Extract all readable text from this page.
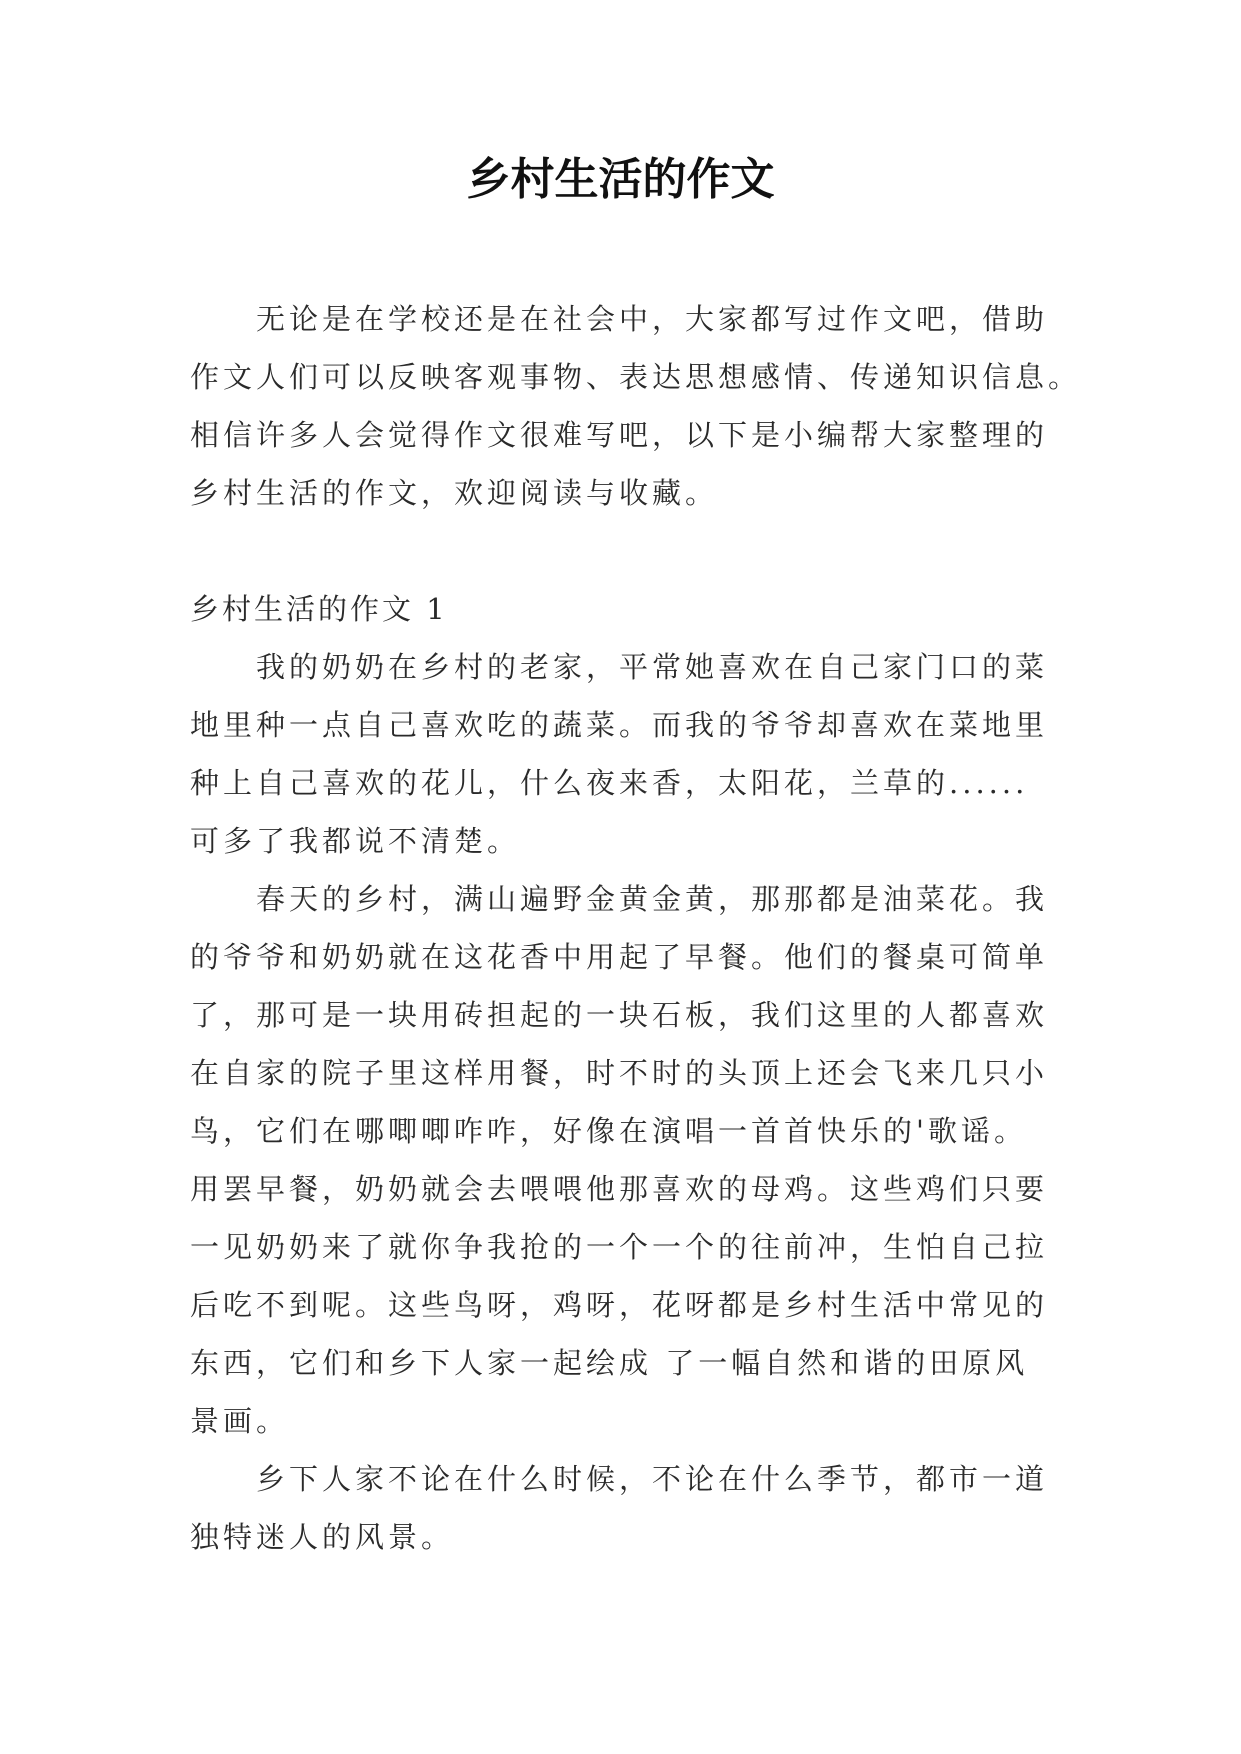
乡村生活的作文

无论是在学校还是在社会中，大家都写过作文吧，借助
作文人们可以反映客观事物、表达思想感情、传递知识信息。
相信许多人会觉得作文很难写吧，以下是小编帮大家整理的
乡村生活的作文，欢迎阅读与收藏。

乡村生活的作文 1

我的奶奶在乡村的老家，平常她喜欢在自己家门口的菜
地里种一点自己喜欢吃的蔬菜。而我的爷爷却喜欢在菜地里
种上自己喜欢的花儿，什么夜来香，太阳花，兰草的......
可多了我都说不清楚。

春天的乡村，满山遍野金黄金黄，那那都是油菜花。我
的爷爷和奶奶就在这花香中用起了早餐。他们的餐桌可简单
了，那可是一块用砖担起的一块石板，我们这里的人都喜欢
在自家的院子里这样用餐，时不时的头顶上还会飞来几只小
鸟，它们在哪唧唧咋咋，好像在演唱一首首快乐的'歌谣。
用罢早餐，奶奶就会去喂喂他那喜欢的母鸡。这些鸡们只要
一见奶奶来了就你争我抢的一个一个的往前冲，生怕自己拉
后吃不到呢。这些鸟呀，鸡呀，花呀都是乡村生活中常见的
东西，它们和乡下人家一起绘成 了一幅自然和谐的田原风
景画。

乡下人家不论在什么时候，不论在什么季节，都市一道
独特迷人的风景。
